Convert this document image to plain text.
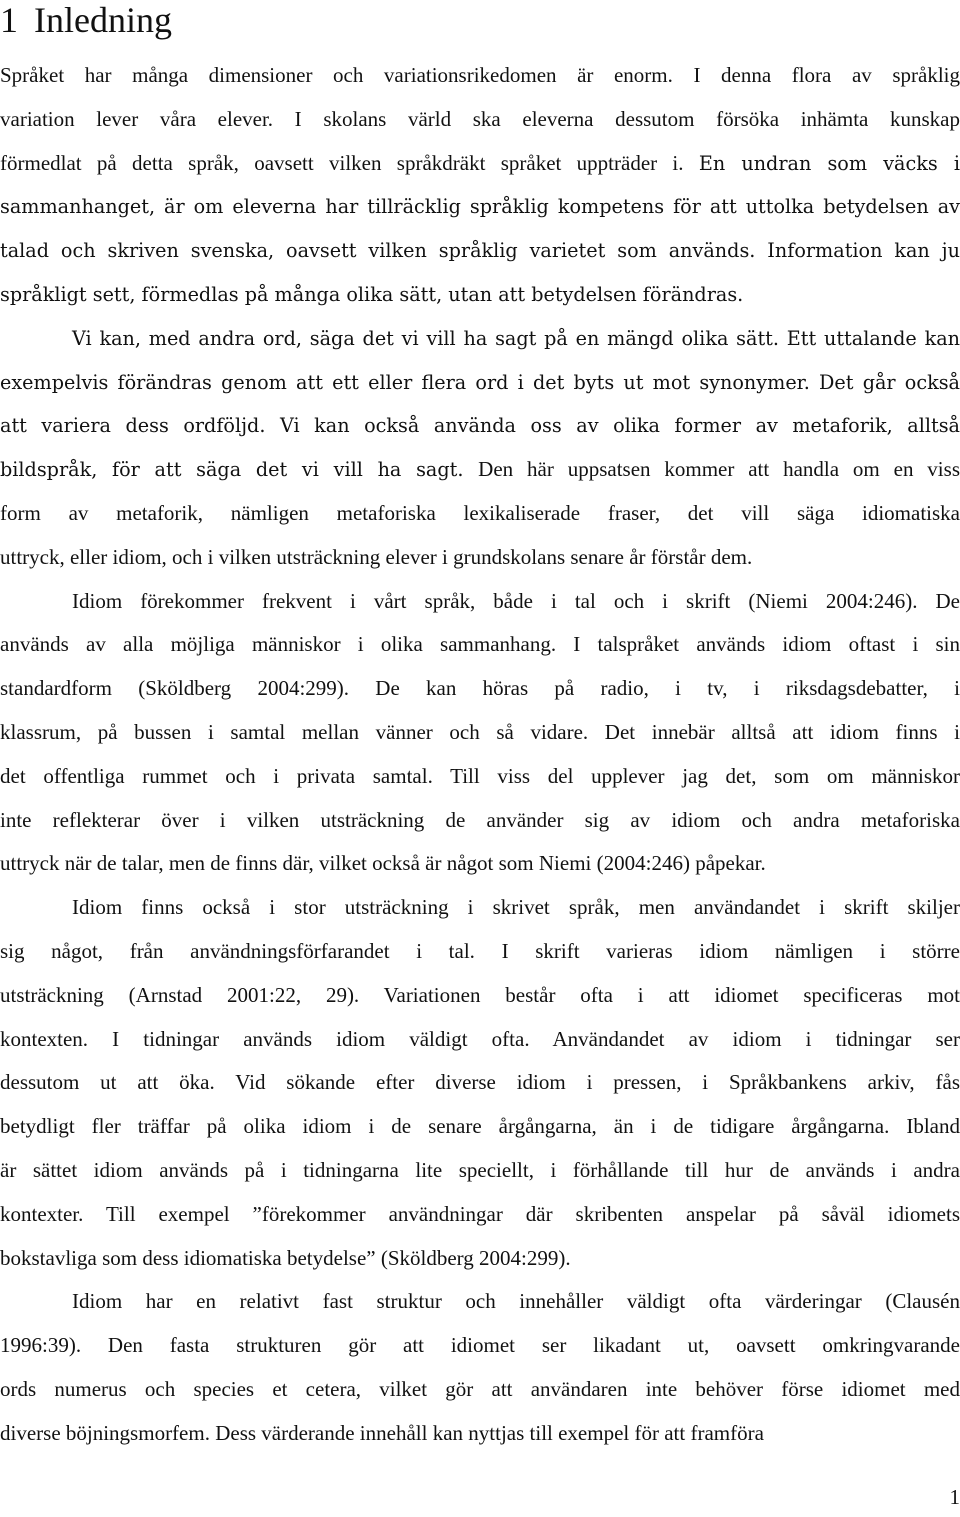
1 Inledning
Språket har många dimensioner och variationsrikedomen är enorm. I denna flora av språklig
variation lever våra elever. I skolans värld ska eleverna dessutom försöka inhämta kunskap
förmedlat på detta språk, oavsett vilken språkdräkt språket uppträder i. En undran som väcks i
sammanhanget, är om eleverna har tillräcklig språklig kompetens för att uttolka betydelsen av
talad och skriven svenska, oavsett vilken språklig varietet som används. Information kan ju
språkligt sett, förmedlas på många olika sätt, utan att betydelsen förändras.
Vi kan, med andra ord, säga det vi vill ha sagt på en mängd olika sätt. Ett uttalande kan
exempelvis förändras genom att ett eller flera ord i det byts ut mot synonymer. Det går också
att variera dess ordföljd. Vi kan också använda oss av olika former av metaforik, alltså
bildspråk, för att säga det vi vill ha sagt. Den här uppsatsen kommer att handla om en viss
form av metaforik, nämligen metaforiska lexikaliserade fraser, det vill säga idiomatiska
uttryck, eller idiom, och i vilken utsträckning elever i grundskolans senare år förstår dem.
Idiom förekommer frekvent i vårt språk, både i tal och i skrift (Niemi 2004:246). De
används av alla möjliga människor i olika sammanhang. I talspråket används idiom oftast i sin
standardform (Sköldberg 2004:299). De kan höras på radio, i tv, i riksdagsdebatter, i
klassrum, på bussen i samtal mellan vänner och så vidare. Det innebär alltså att idiom finns i
det offentliga rummet och i privata samtal. Till viss del upplever jag det, som om människor
inte reflekterar över i vilken utsträckning de använder sig av idiom och andra metaforiska
uttryck när de talar, men de finns där, vilket också är något som Niemi (2004:246) påpekar.
Idiom finns också i stor utsträckning i skrivet språk, men användandet i skrift skiljer
sig något, från användningsförfarandet i tal. I skrift varieras idiom nämligen i större
utsträckning (Arnstad 2001:22, 29). Variationen består ofta i att idiomet specificeras mot
kontexten. I tidningar används idiom väldigt ofta. Användandet av idiom i tidningar ser
dessutom ut att öka. Vid sökande efter diverse idiom i pressen, i Språkbankens arkiv, fås
betydligt fler träffar på olika idiom i de senare årgångarna, än i de tidigare årgångarna. Ibland
är sättet idiom används på i tidningarna lite speciellt, i förhållande till hur de används i andra
kontexter. Till exempel ”förekommer användningar där skribenten anspelar på såväl idiomets
bokstavliga som dess idiomatiska betydelse” (Sköldberg 2004:299).
Idiom har en relativt fast struktur och innehåller väldigt ofta värderingar (Clausén
1996:39). Den fasta strukturen gör att idiomet ser likadant ut, oavsett omkringvarande
ords numerus och species et cetera, vilket gör att användaren inte behöver förse idiomet med
diverse böjningsmorfem. Dess värderande innehåll kan nyttjas till exempel för att framföra
1
